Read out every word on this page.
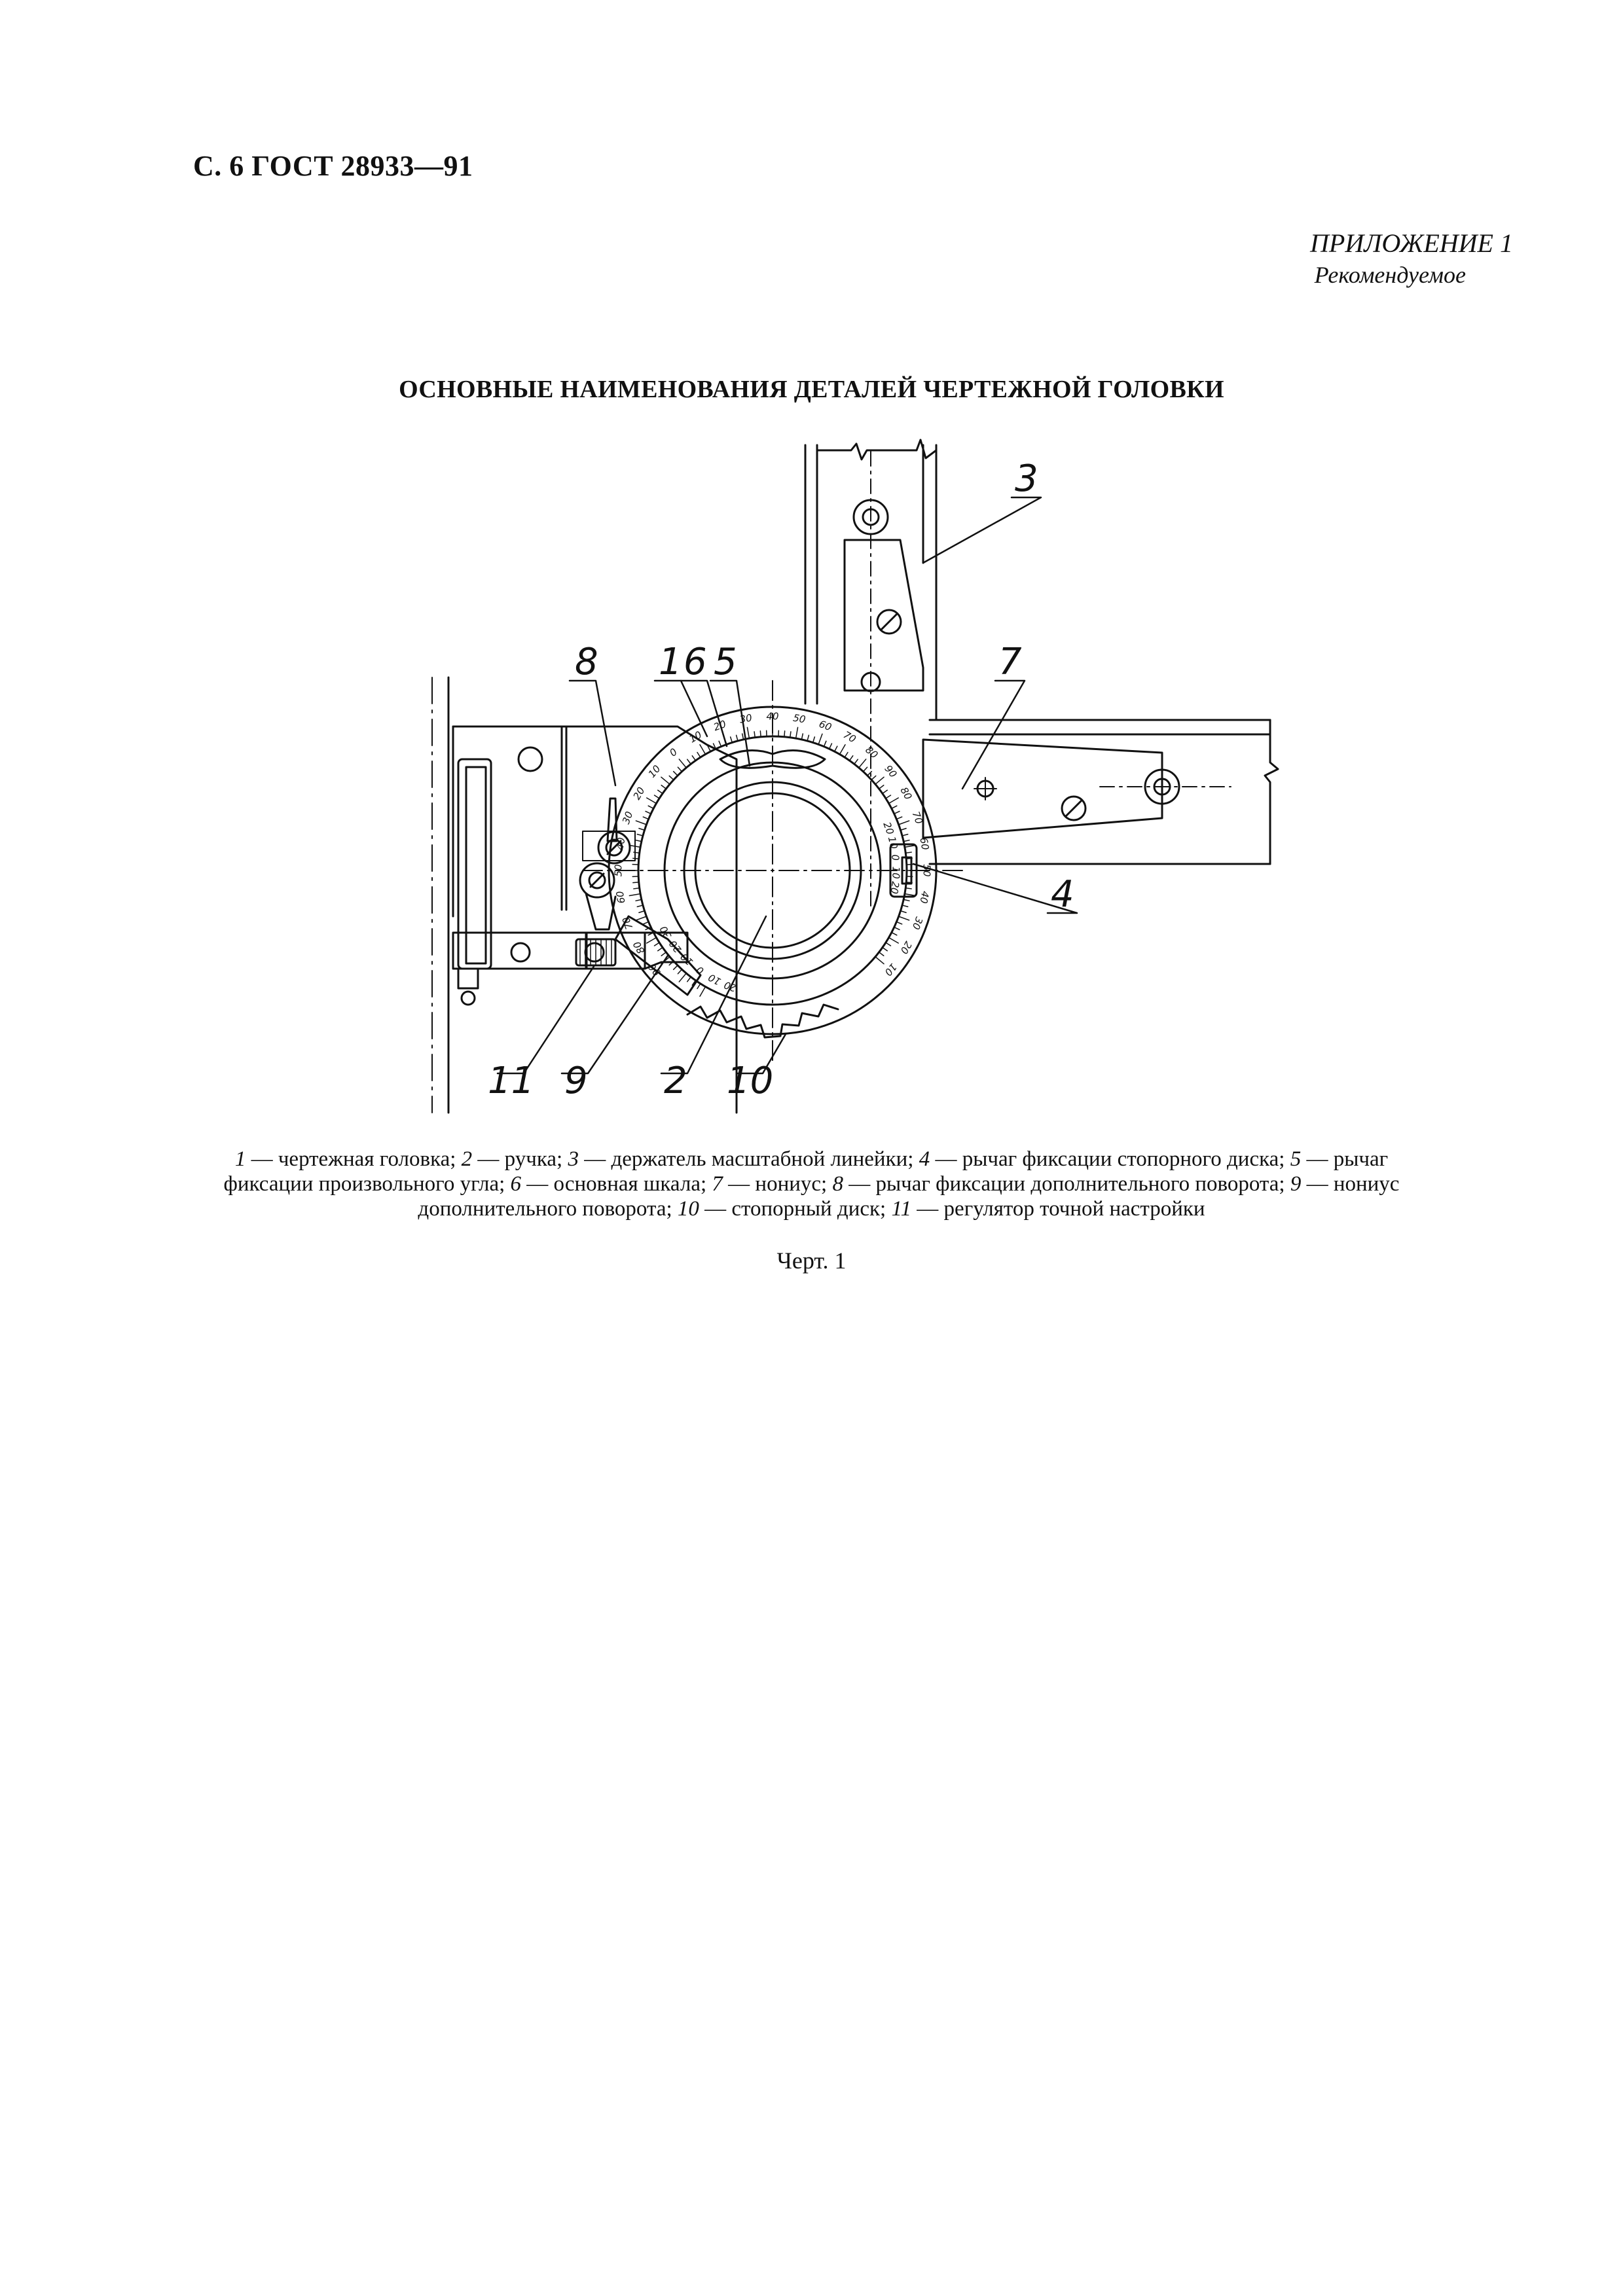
С. 6 ГОСТ 28933—91
ПРИЛОЖЕНИЕ 1
Рекомендуемое
ОСНОВНЫЕ НАИМЕНОВАНИЯ ДЕТАЛЕЙ ЧЕРТЕЖНОЙ ГОЛОВКИ
90
80
70
60
50
40
30
20
10
0
10
20 30 40 50 60
70
80
90
80
70
60
50
40
30
20
10
20
10
0
10
20
30
20
10
0
10 20
8 1 6 5	7
3
4
11 9 2 10
1 — чертежная головка; 2 — ручка; 3 — держатель масштабной линейки; 4 — рычаг фиксации стопорного диска; 5 — рычаг фиксации произвольного угла; 6 — основная шкала; 7 — нониус; 8 — рычаг фиксации дополнительного поворота; 9 — нониус дополнительного поворота; 10 — стопорный диск; 11 — регулятор точной настройки
Черт. 1
